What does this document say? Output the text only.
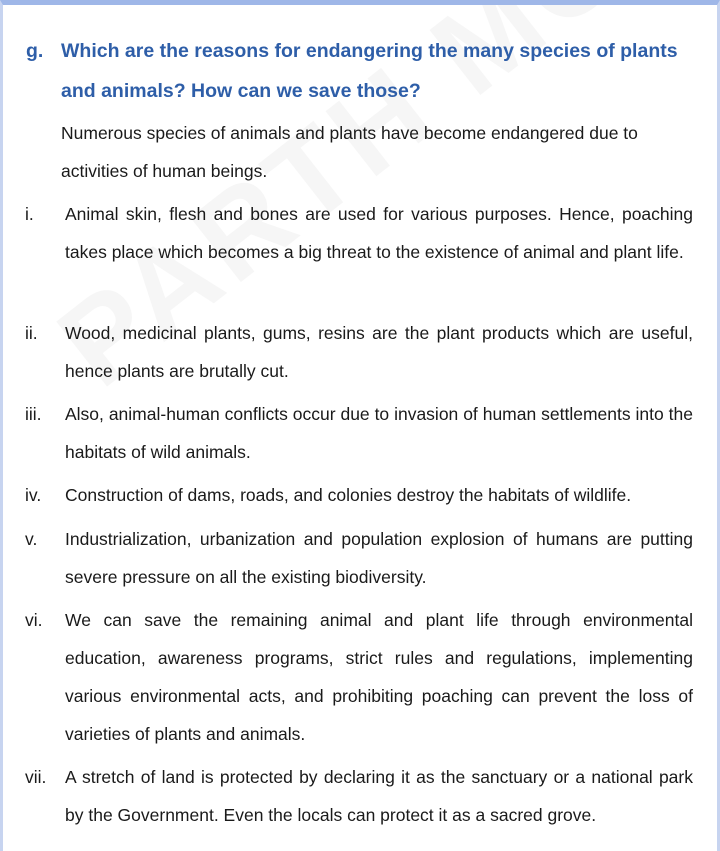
g. Which are the reasons for endangering the many species of plants and animals? How can we save those?
Numerous species of animals and plants have become endangered due to activities of human beings.
i. Animal skin, flesh and bones are used for various purposes. Hence, poaching takes place which becomes a big threat to the existence of animal and plant life.
ii. Wood, medicinal plants, gums, resins are the plant products which are useful, hence plants are brutally cut.
iii. Also, animal-human conflicts occur due to invasion of human settlements into the habitats of wild animals.
iv. Construction of dams, roads, and colonies destroy the habitats of wildlife.
v. Industrialization, urbanization and population explosion of humans are putting severe pressure on all the existing biodiversity.
vi. We can save the remaining animal and plant life through environmental education, awareness programs, strict rules and regulations, implementing various environmental acts, and prohibiting poaching can prevent the loss of varieties of plants and animals.
vii. A stretch of land is protected by declaring it as the sanctuary or a national park by the Government. Even the locals can protect it as a sacred grove.
